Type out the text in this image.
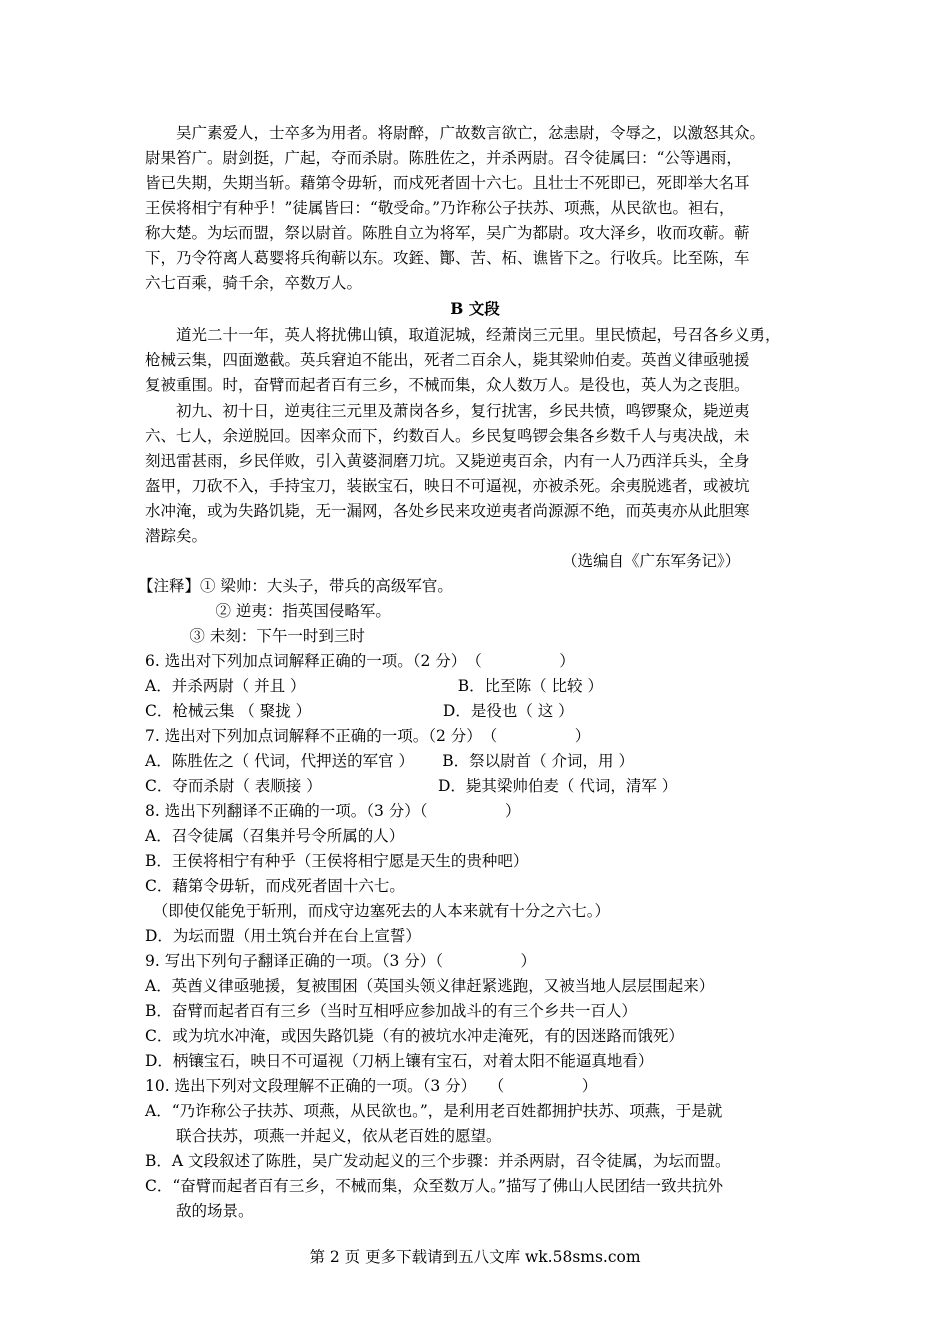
　　吴广素爱人，士卒多为用者。将尉醉，广故数言欲亡，忿恚尉，令辱之，以激怒其众。
尉果笞广。尉剑挺，广起，夺而杀尉。陈胜佐之，并杀两尉。召令徒属曰：“公等遇雨，
皆已失期，失期当斩。藉第令毋斩，而戍死者固十六七。且壮士不死即已，死即举大名耳
王侯将相宁有种乎！”徒属皆曰：“敬受命。”乃诈称公子扶苏、项燕，从民欲也。袒右，
称大楚。为坛而盟，祭以尉首。陈胜自立为将军，吴广为都尉。攻大泽乡，收而攻蕲。蕲
下，乃令符离人葛婴将兵徇蕲以东。攻銍、酇、苦、柘、谯皆下之。行收兵。比至陈，车
六七百乘，骑千余，卒数万人。
B 文段
　　道光二十一年，英人将扰佛山镇，取道泥城，经萧岗三元里。里民愤起，号召各乡义勇，
枪械云集，四面邀截。英兵窘迫不能出，死者二百余人，毙其梁帅伯麦。英酋义律亟驰援
复被重围。时，奋臂而起者百有三乡，不械而集，众人数万人。是役也，英人为之丧胆。
　　初九、初十日，逆夷往三元里及萧岗各乡，复行扰害，乡民共愤，鸣锣聚众，毙逆夷
六、七人，余逆脱回。因率众而下，约数百人。乡民复鸣锣会集各乡数千人与夷决战，未
刻迅雷甚雨，乡民佯败，引入黄婆洞磨刀坑。又毙逆夷百余，内有一人乃西洋兵头，全身
盔甲，刀砍不入，手持宝刀，装嵌宝石，映日不可逼视，亦被杀死。余夷脱逃者，或被坑
水冲淹，或为失路饥毙，无一漏网，各处乡民来攻逆夷者尚源源不绝，而英夷亦从此胆寒
潜踪矣。
（选编自《广东军务记》）
【注释】① 梁帅：大头子，带兵的高级军官。
　　　　　② 逆夷：指英国侵略军。
　　　 ③ 未刻：下午一时到三时
6. 选出对下列加点词解释正确的一项。（2 分）　（　　　　　）
A．并杀两尉（ 并且 ）　　　　　　　　　　 B．比至陈（ 比较 ）
C．枪械云集 （ 聚拢 ）　　　　　　　　　D．是役也（ 这 ）
7. 选出对下列加点词解释不正确的一项。（2 分）　（　　　　　）
A．陈胜佐之（ 代词，代押送的军官 ）　　 B．祭以尉首（ 介词，用 ）
C．夺而杀尉（ 表顺接 ）　　　　　　　　D．毙其梁帅伯麦（ 代词，清军 ）
8. 选出下列翻译不正确的一项。（3 分）（　　　　　）
A．召令徒属（召集并号令所属的人）
B．王侯将相宁有种乎（王侯将相宁愿是天生的贵种吧）
C．藉第令毋斩，而戍死者固十六七。
　（即使仅能免于斩刑，而戍守边塞死去的人本来就有十分之六七。）
D．为坛而盟（用土筑台并在台上宣誓）
9. 写出下列句子翻译正确的一项。（3 分）（　　　　　）
A．英酋义律亟驰援，复被围困（英国头领义律赶紧逃跑，又被当地人层层围起来）
B．奋臂而起者百有三乡（当时互相呼应参加战斗的有三个乡共一百人）
C．或为坑水冲淹，或因失路饥毙（有的被坑水冲走淹死，有的因迷路而饿死）
D．柄镶宝石，映日不可逼视（刀柄上镶有宝石，对着太阳不能逼真地看）
10. 选出下列对文段理解不正确的一项。（3 分）　 （　　　　　）
A．“乃诈称公子扶苏、项燕，从民欲也。”，是利用老百姓都拥护扶苏、项燕，于是就
　　联合扶苏，项燕一并起义，依从老百姓的愿望。
B．A 文段叙述了陈胜，吴广发动起义的三个步骤：并杀两尉，召令徒属，为坛而盟。
C．“奋臂而起者百有三乡，不械而集，众至数万人。”描写了佛山人民团结一致共抗外
　　敌的场景。
第 2 页 更多下载请到五八文库 wk.58sms.com
